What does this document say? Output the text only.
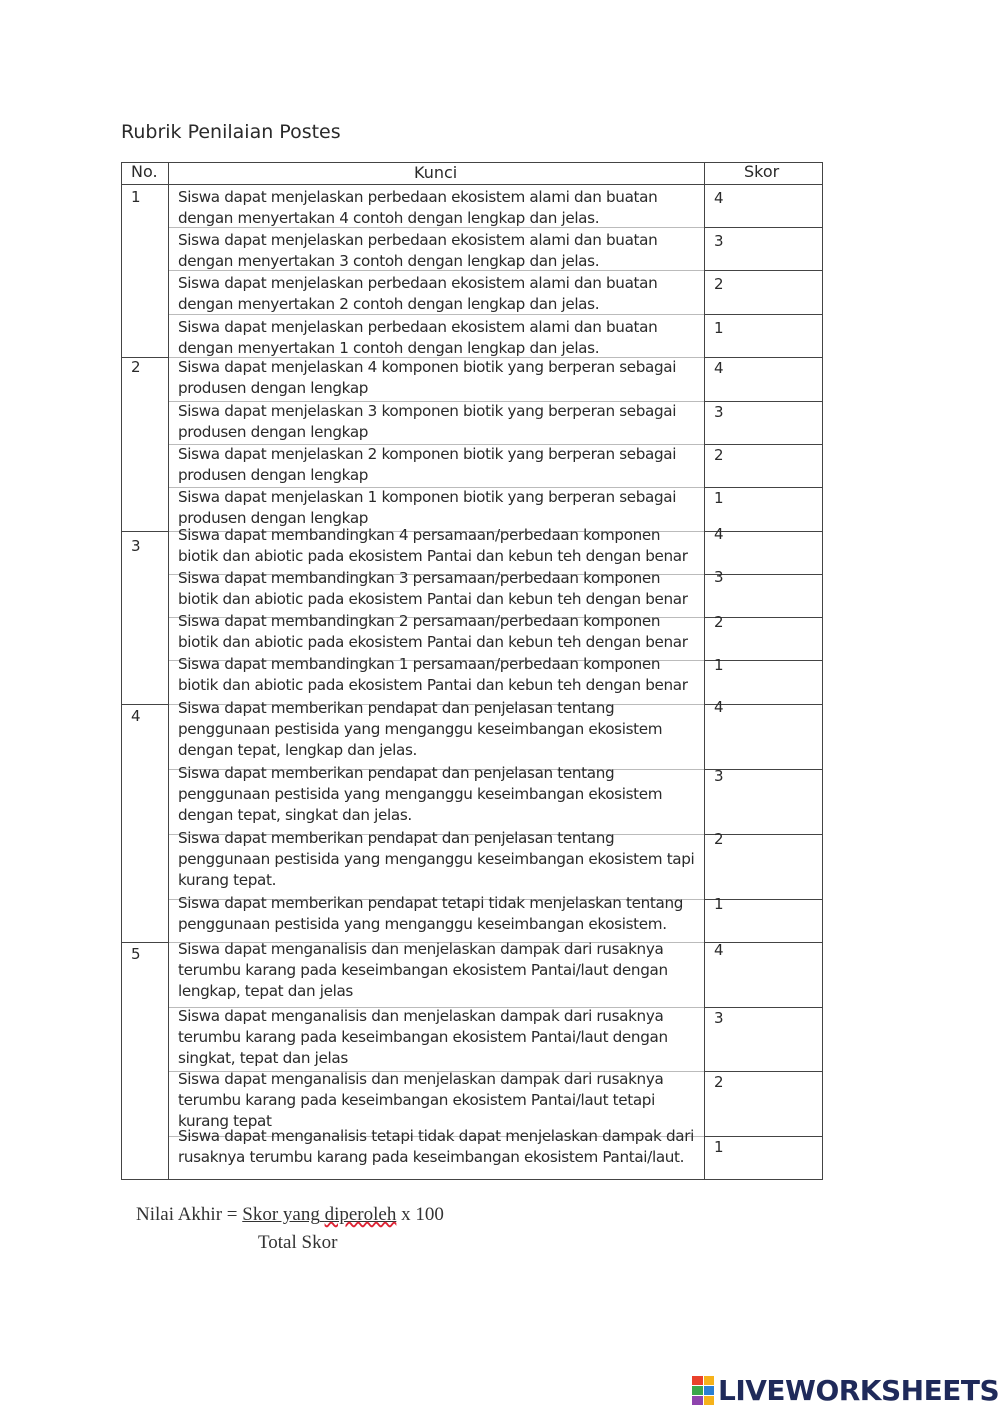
Rubrik Penilaian Postes
No.	Kunci	Skor
1 Siswa dapat menjelaskan perbedaan ekosistem alami dan buatan
dengan menyertakan 4 contoh dengan lengkap dan jelas.
4
Siswa dapat menjelaskan perbedaan ekosistem alami dan buatan
dengan menyertakan 3 contoh dengan lengkap dan jelas.
3
Siswa dapat menjelaskan perbedaan ekosistem alami dan buatan
dengan menyertakan 2 contoh dengan lengkap dan jelas.
2
Siswa dapat menjelaskan perbedaan ekosistem alami dan buatan
dengan menyertakan 1 contoh dengan lengkap dan jelas.
1
2 Siswa dapat menjelaskan 4 komponen biotik yang berperan sebagai
produsen dengan lengkap
4
Siswa dapat menjelaskan 3 komponen biotik yang berperan sebagai
produsen dengan lengkap
3
Siswa dapat menjelaskan 2 komponen biotik yang berperan sebagai
produsen dengan lengkap
2
Siswa dapat menjelaskan 1 komponen biotik yang berperan sebagai
produsen dengan lengkap
1
3
Siswa dapat membandingkan 4 persamaan/perbedaan komponen
biotik dan abiotic pada ekosistem Pantai dan kebun teh dengan benar
4
Siswa dapat membandingkan 3 persamaan/perbedaan komponen
biotik dan abiotic pada ekosistem Pantai dan kebun teh dengan benar
3
Siswa dapat membandingkan 2 persamaan/perbedaan komponen
biotik dan abiotic pada ekosistem Pantai dan kebun teh dengan benar
2
Siswa dapat membandingkan 1 persamaan/perbedaan komponen
biotik dan abiotic pada ekosistem Pantai dan kebun teh dengan benar
1
4 Siswa dapat memberikan pendapat dan penjelasan tentang
penggunaan pestisida yang menganggu keseimbangan ekosistem
dengan tepat, lengkap dan jelas.
4
Siswa dapat memberikan pendapat dan penjelasan tentang
penggunaan pestisida yang menganggu keseimbangan ekosistem
dengan tepat, singkat dan jelas.
3
Siswa dapat memberikan pendapat dan penjelasan tentang
penggunaan pestisida yang menganggu keseimbangan ekosistem tapi
kurang tepat.
2
Siswa dapat memberikan pendapat tetapi tidak menjelaskan tentang
penggunaan pestisida yang menganggu keseimbangan ekosistem.
1
5 Siswa dapat menganalisis dan menjelaskan dampak dari rusaknya
terumbu karang pada keseimbangan ekosistem Pantai/laut dengan
lengkap, tepat dan jelas
4
Siswa dapat menganalisis dan menjelaskan dampak dari rusaknya
terumbu karang pada keseimbangan ekosistem Pantai/laut dengan
singkat, tepat dan jelas
3
Siswa dapat menganalisis dan menjelaskan dampak dari rusaknya
terumbu karang pada keseimbangan ekosistem Pantai/laut tetapi
kurang tepat
2
Siswa dapat menganalisis tetapi tidak dapat menjelaskan dampak dari
rusaknya terumbu karang pada keseimbangan ekosistem Pantai/laut.
1
Nilai Akhir = Skor yang diperoleh x 100
Total Skor
LIVEWORKSHEETS
